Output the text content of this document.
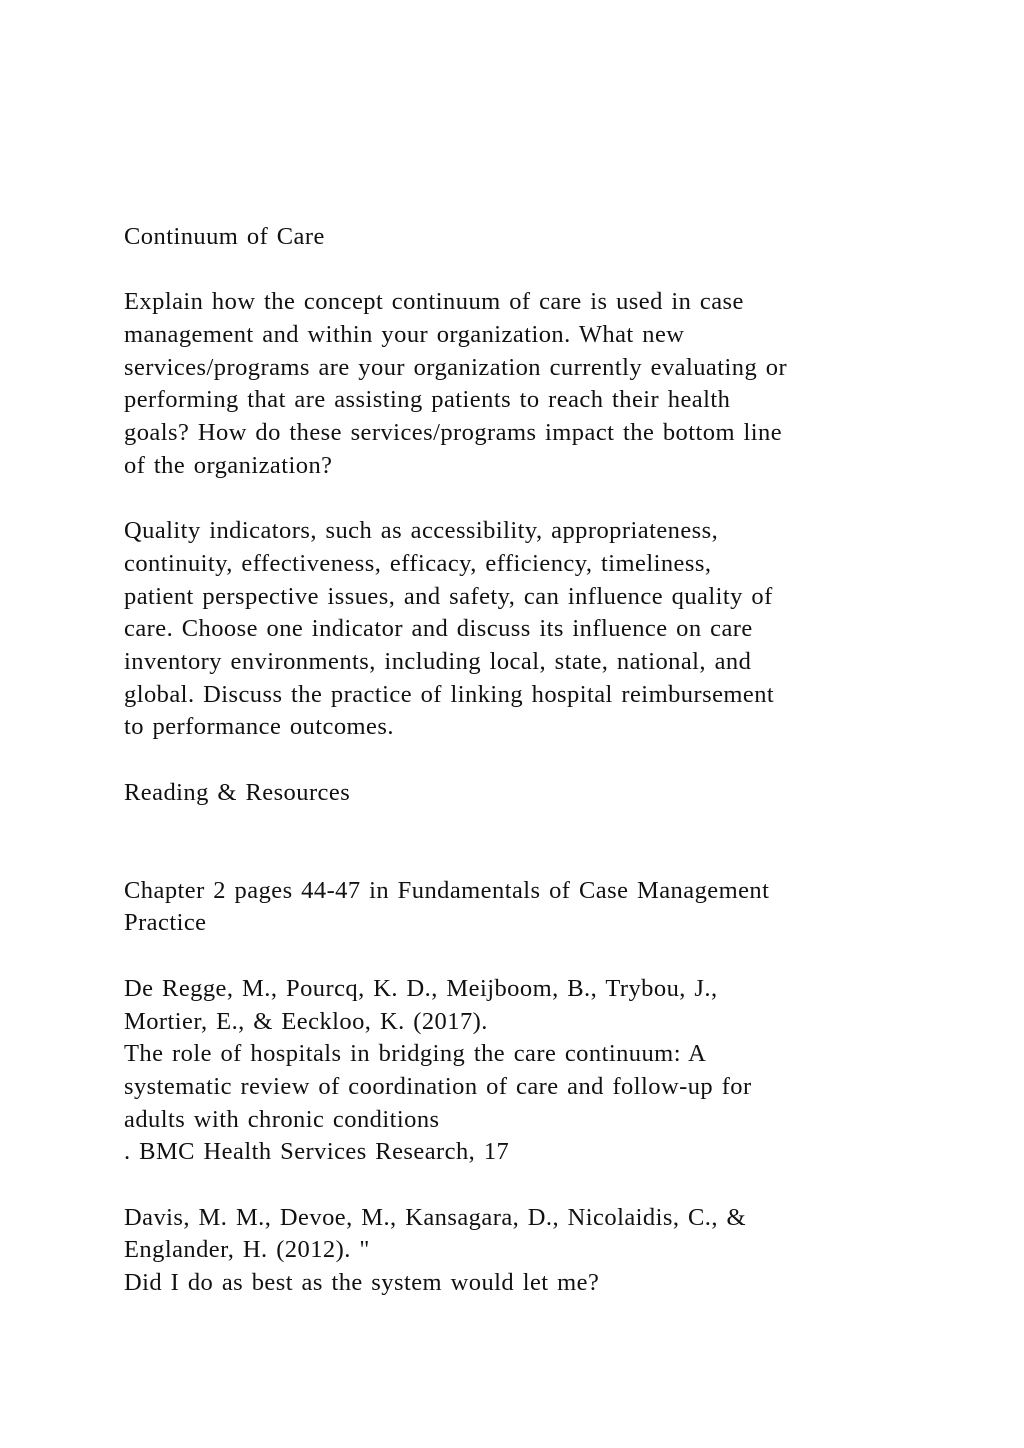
Continuum of Care
Explain how the concept continuum of care is used in case
management and within your organization. What new
services/programs are your organization currently evaluating or
performing that are assisting patients to reach their health
goals? How do these services/programs impact the bottom line
of the organization?
Quality indicators, such as accessibility, appropriateness,
continuity, effectiveness, efficacy, efficiency, timeliness,
patient perspective issues, and safety, can influence quality of
care. Choose one indicator and discuss its influence on care
inventory environments, including local, state, national, and
global. Discuss the practice of linking hospital reimbursement
to performance outcomes.
Reading & Resources
Chapter 2 pages 44-47 in Fundamentals of Case Management
Practice
De Regge, M., Pourcq, K. D., Meijboom, B., Trybou, J.,
Mortier, E., & Eeckloo, K. (2017).
The role of hospitals in bridging the care continuum: A
systematic review of coordination of care and follow-up for
adults with chronic conditions
. BMC Health Services Research, 17
Davis, M. M., Devoe, M., Kansagara, D., Nicolaidis, C., &
Englander, H. (2012). "
Did I do as best as the system would let me?
